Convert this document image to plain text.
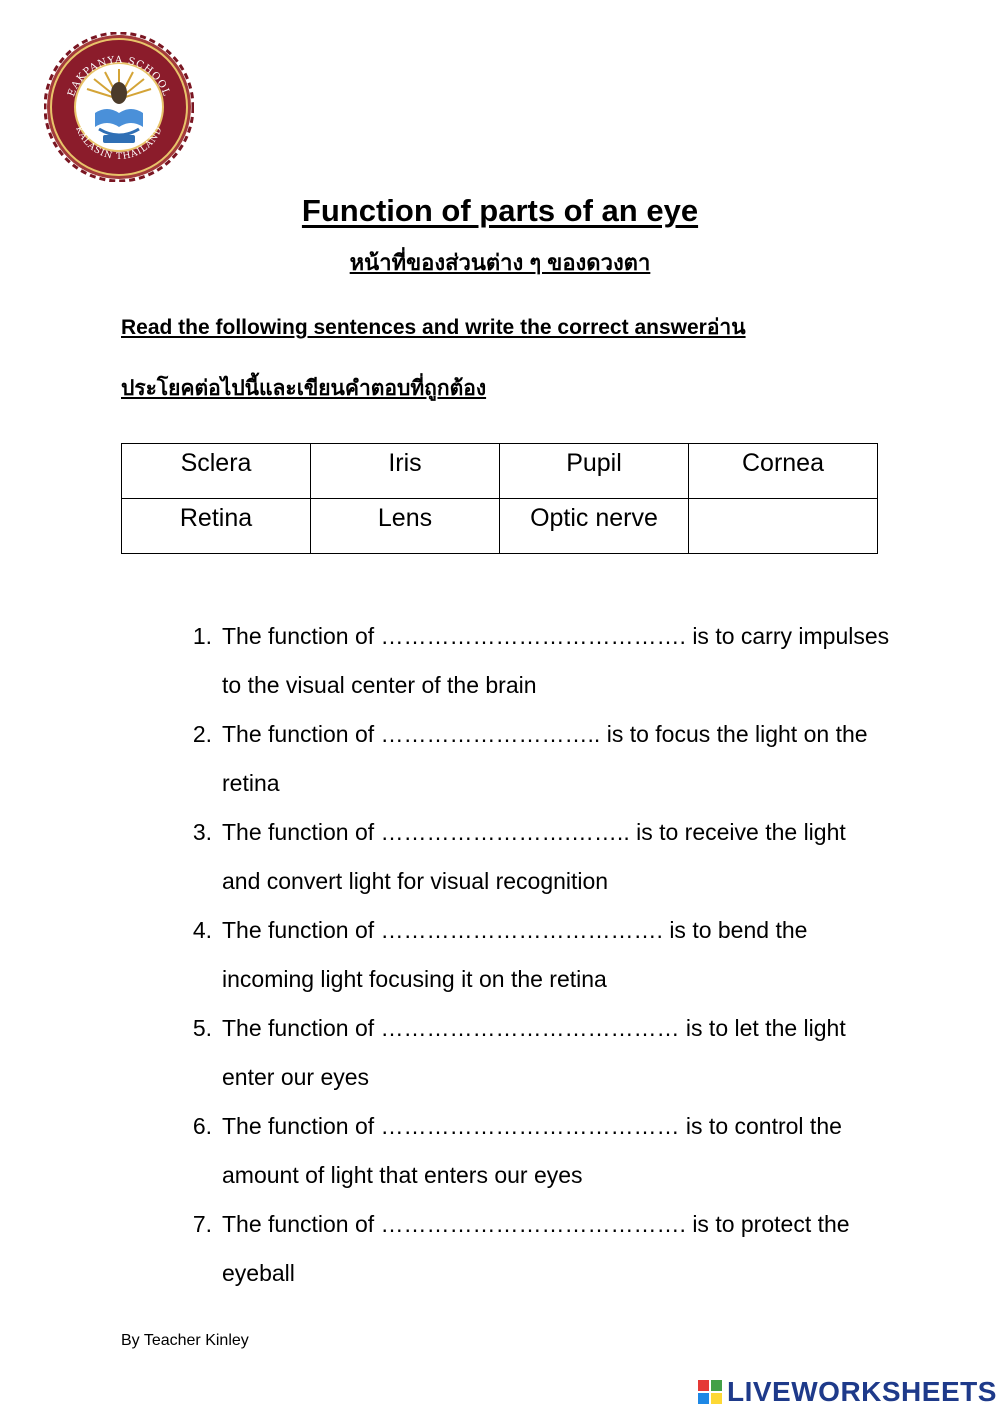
EAKPANYA SCHOOL
KALASIN THAILAND
Function of parts of an eye
หน้าที่ของส่วนต่าง ๆ ของดวงตา
Read the following sentences and write the correct answerอ่าน
ประโยคต่อไปนี้และเขียนคำตอบที่ถูกต้อง
Sclera	Iris	Pupil	Cornea
Retina	Lens	Optic nerve	
1. The function of …………………………………. is to carry impulses
to the visual center of the brain
2. The function of ……………………….. is to focus the light on the
retina
3. The function of …………………….…….. is to receive the light
and convert light for visual recognition
4. The function of ………………………………. is to bend the
incoming light focusing it on the retina
5. The function of ………………………………… is to let the light
enter our eyes
6. The function of ………………………………… is to control the
amount of light that enters our eyes
7. The function of …………………………………. is to protect the
eyeball
By Teacher Kinley
LIVEWORKSHEETS
